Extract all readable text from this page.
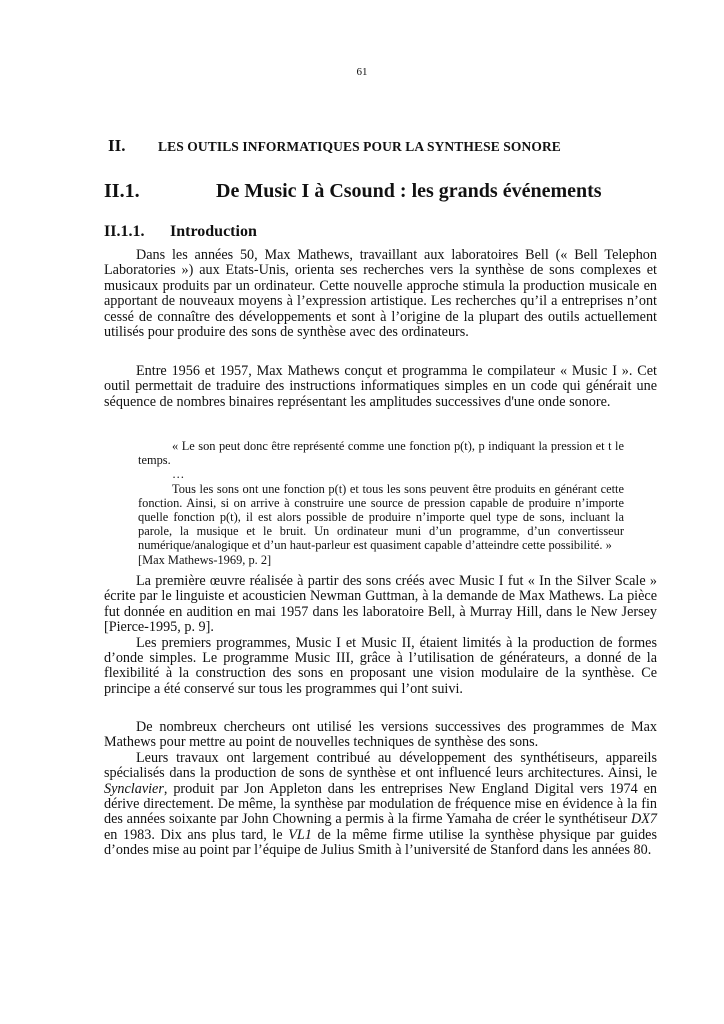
61
II. LES OUTILS INFORMATIQUES POUR LA SYNTHESE SONORE
II.1.	De Music I à Csound : les grands événements
II.1.1. Introduction

Dans les années 50, Max Mathews, travaillant aux laboratoires Bell (« Bell Telephon Laboratories ») aux Etats-Unis, orienta ses recherches vers la synthèse de sons complexes et musicaux produits par un ordinateur. Cette nouvelle approche stimula la production musicale en apportant de nouveaux moyens à l’expression artistique. Les recherches qu’il a entreprises n’ont cessé de connaître des développements et sont à l’origine de la plupart des outils actuellement utilisés pour produire des sons de synthèse avec des ordinateurs.

Entre 1956 et 1957, Max Mathews conçut et programma le compilateur « Music I ». Cet outil permettait de traduire des instructions informatiques simples en un code qui générait une séquence de nombres binaires représentant les amplitudes successives d'une onde sonore.

« Le son peut donc être représenté comme une fonction p(t), p indiquant la pression et t le temps.

…

Tous les sons ont une fonction p(t) et tous les sons peuvent être produits en générant cette fonction. Ainsi, si on arrive à construire une source de pression capable de produire n’importe quelle fonction p(t), il est alors possible de produire n’importe quel type de sons, incluant la parole, la musique et le bruit. Un ordinateur muni d’un programme, d’un convertisseur numérique/analogique et d’un haut-parleur est quasiment capable d’atteindre cette possibilité. »

[Max Mathews-1969, p. 2]

La première œuvre réalisée à partir des sons créés avec Music I fut « In the Silver Scale » écrite par le linguiste et acousticien Newman Guttman, à la demande de Max Mathews. La pièce fut donnée en audition en mai 1957 dans les laboratoire Bell, à Murray Hill, dans le New Jersey [Pierce-1995, p. 9].

Les premiers programmes, Music I et Music II, étaient limités à la production de formes d’onde simples. Le programme Music III, grâce à l’utilisation de générateurs, a donné de la flexibilité à la construction des sons en proposant une vision modulaire de la synthèse. Ce principe a été conservé sur tous les programmes qui l’ont suivi.

De nombreux chercheurs ont utilisé les versions successives des programmes de Max Mathews pour mettre au point de nouvelles techniques de synthèse des sons.

Leurs travaux ont largement contribué au développement des synthétiseurs, appareils spécialisés dans la production de sons de synthèse et ont influencé leurs architectures. Ainsi, le Synclavier, produit par Jon Appleton dans les entreprises New England Digital vers 1974 en dérive directement. De même, la synthèse par modulation de fréquence mise en évidence à la fin des années soixante par John Chowning a permis à la firme Yamaha de créer le synthétiseur DX7 en 1983. Dix ans plus tard, le VL1 de la même firme utilise la synthèse physique par guides d’ondes mise au point par l’équipe de Julius Smith à l’université de Stanford dans les années 80.
